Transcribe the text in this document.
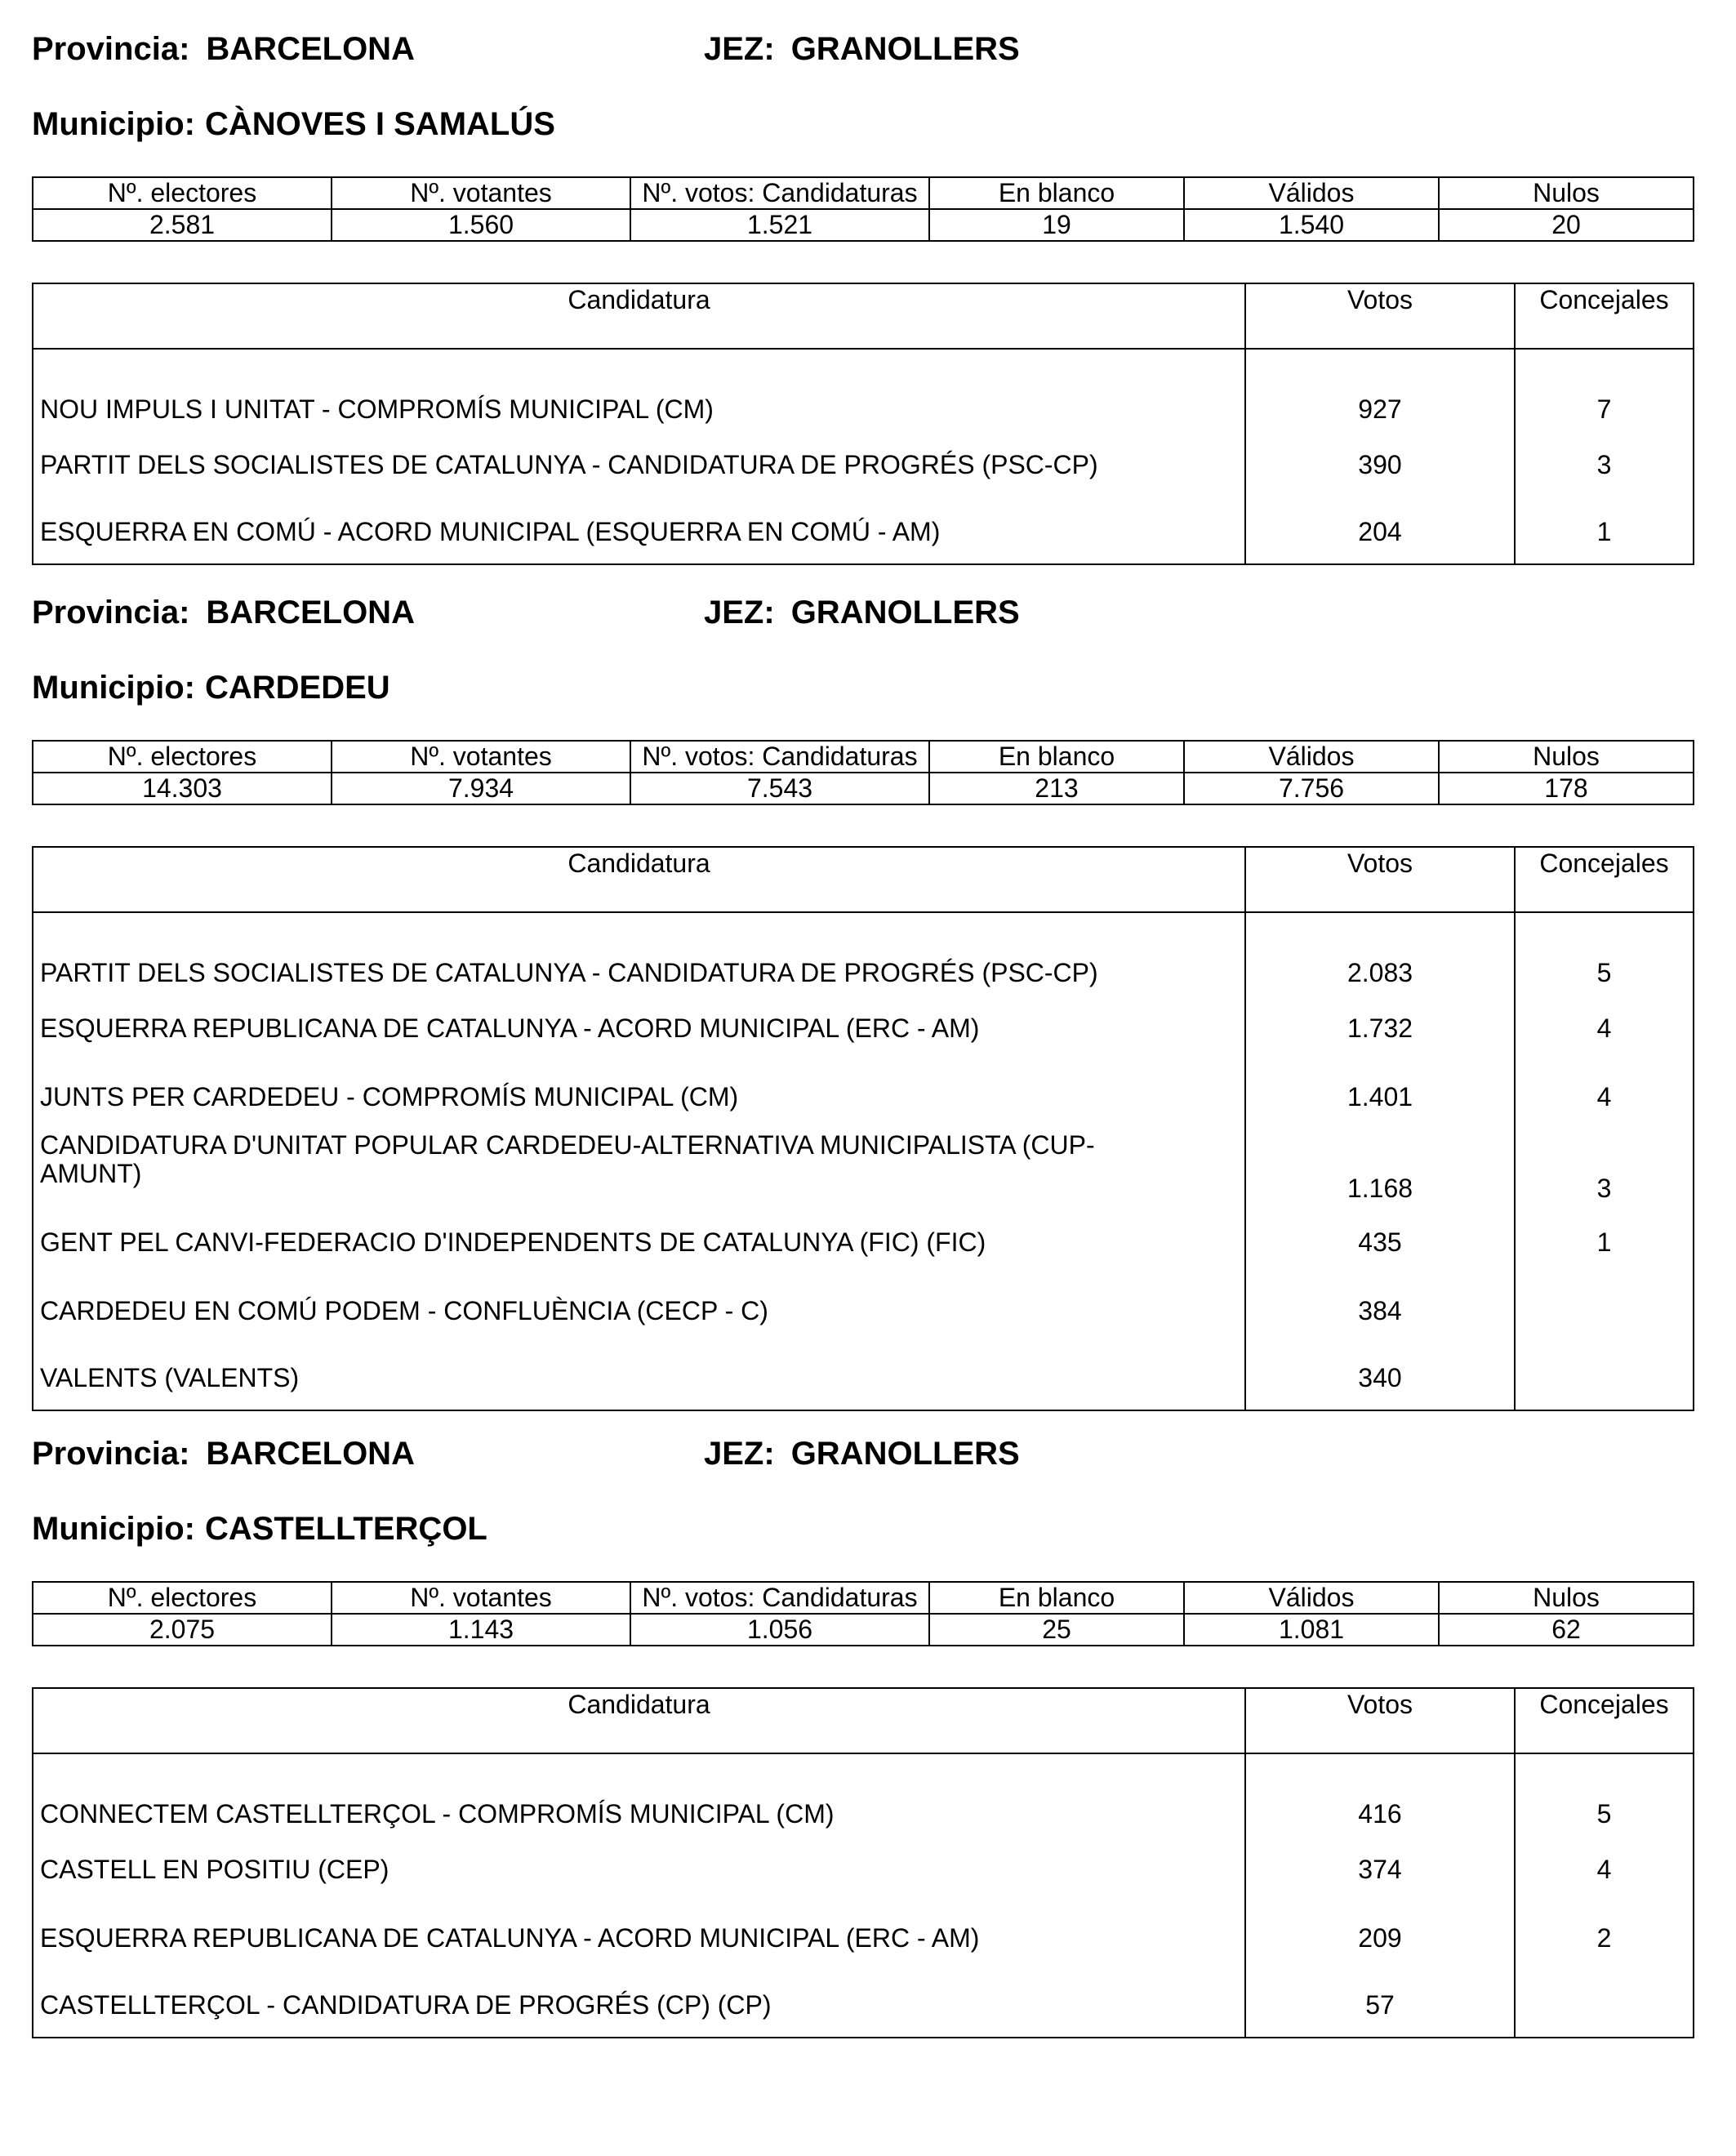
Provincia: BARCELONA	JEZ: GRANOLLERS
Municipio: CÀNOVES I SAMALÚS
Nº. electores	Nº. votantes	Nº. votos: Candidaturas	En blanco	Válidos	Nulos
2.581	1.560	1.521	19	1.540	20
Candidatura	Votos	Concejales
NOU IMPULS I UNITAT - COMPROMÍS MUNICIPAL (CM)	927	7
PARTIT DELS SOCIALISTES DE CATALUNYA - CANDIDATURA DE PROGRÉS (PSC-CP)	390	3
ESQUERRA EN COMÚ - ACORD MUNICIPAL (ESQUERRA EN COMÚ - AM)	204	1
Provincia: BARCELONA	JEZ: GRANOLLERS
Municipio: CARDEDEU
Nº. electores	Nº. votantes	Nº. votos: Candidaturas	En blanco	Válidos	Nulos
14.303	7.934	7.543	213	7.756	178
Candidatura	Votos	Concejales
PARTIT DELS SOCIALISTES DE CATALUNYA - CANDIDATURA DE PROGRÉS (PSC-CP)	2.083	5
ESQUERRA REPUBLICANA DE CATALUNYA - ACORD MUNICIPAL (ERC - AM)	1.732	4
JUNTS PER CARDEDEU - COMPROMÍS MUNICIPAL (CM)	1.401	4
CANDIDATURA D'UNITAT POPULAR CARDEDEU-ALTERNATIVA MUNICIPALISTA (CUP-AMUNT)	1.168	3
GENT PEL CANVI-FEDERACIO D'INDEPENDENTS DE CATALUNYA (FIC) (FIC)	435	1
CARDEDEU EN COMÚ PODEM - CONFLUÈNCIA (CECP - C)	384	
VALENTS (VALENTS)	340	
Provincia: BARCELONA	JEZ: GRANOLLERS
Municipio: CASTELLTERÇOL
Nº. electores	Nº. votantes	Nº. votos: Candidaturas	En blanco	Válidos	Nulos
2.075	1.143	1.056	25	1.081	62
Candidatura	Votos	Concejales
CONNECTEM CASTELLTERÇOL - COMPROMÍS MUNICIPAL (CM)	416	5
CASTELL EN POSITIU (CEP)	374	4
ESQUERRA REPUBLICANA DE CATALUNYA - ACORD MUNICIPAL (ERC - AM)	209	2
CASTELLTERÇOL - CANDIDATURA DE PROGRÉS (CP) (CP)	57	
